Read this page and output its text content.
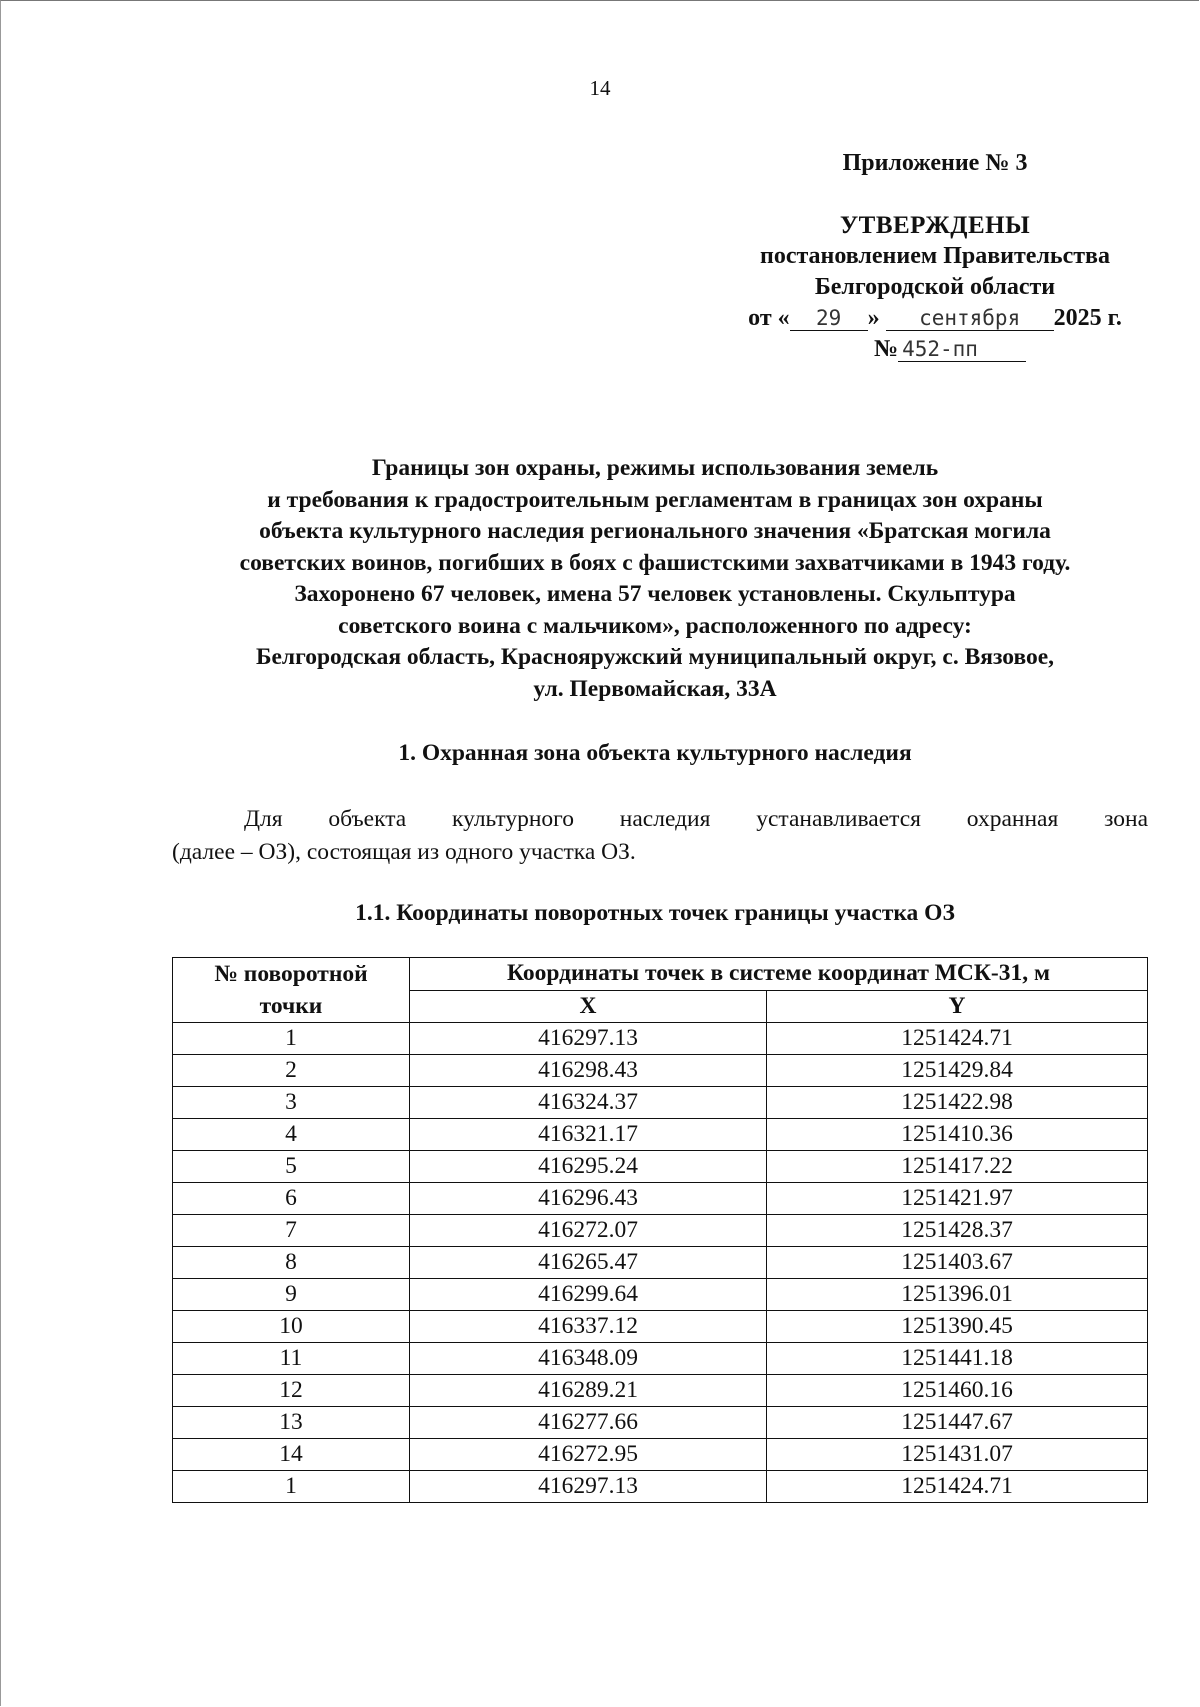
14
Приложение № 3
УТВЕРЖДЕНЫ
постановлением Правительства
Белгородской области
от « 29 » сентября 2025 г.
№ 452-пп
Границы зон охраны, режимы использования земель
и требования к градостроительным регламентам в границах зон охраны
объекта культурного наследия регионального значения «Братская могила
советских воинов, погибших в боях с фашистскими захватчиками в 1943 году.
Захоронено 67 человек, имена 57 человек установлены. Скульптура
советского воина с мальчиком», расположенного по адресу:
Белгородская область, Краснояружский муниципальный округ, с. Вязовое,
ул. Первомайская, 33А
1. Охранная зона объекта культурного наследия
Для объекта культурного наследия устанавливается охранная зона
(далее – ОЗ), состоящая из одного участка ОЗ.
1.1. Координаты поворотных точек границы участка ОЗ
№ поворотной
точки	Координаты точек в системе координат МСК-31, м	
	X	Y
1	416297.13	1251424.71
2	416298.43	1251429.84
3	416324.37	1251422.98
4	416321.17	1251410.36
5	416295.24	1251417.22
6	416296.43	1251421.97
7	416272.07	1251428.37
8	416265.47	1251403.67
9	416299.64	1251396.01
10	416337.12	1251390.45
11	416348.09	1251441.18
12	416289.21	1251460.16
13	416277.66	1251447.67
14	416272.95	1251431.07
1	416297.13	1251424.71
